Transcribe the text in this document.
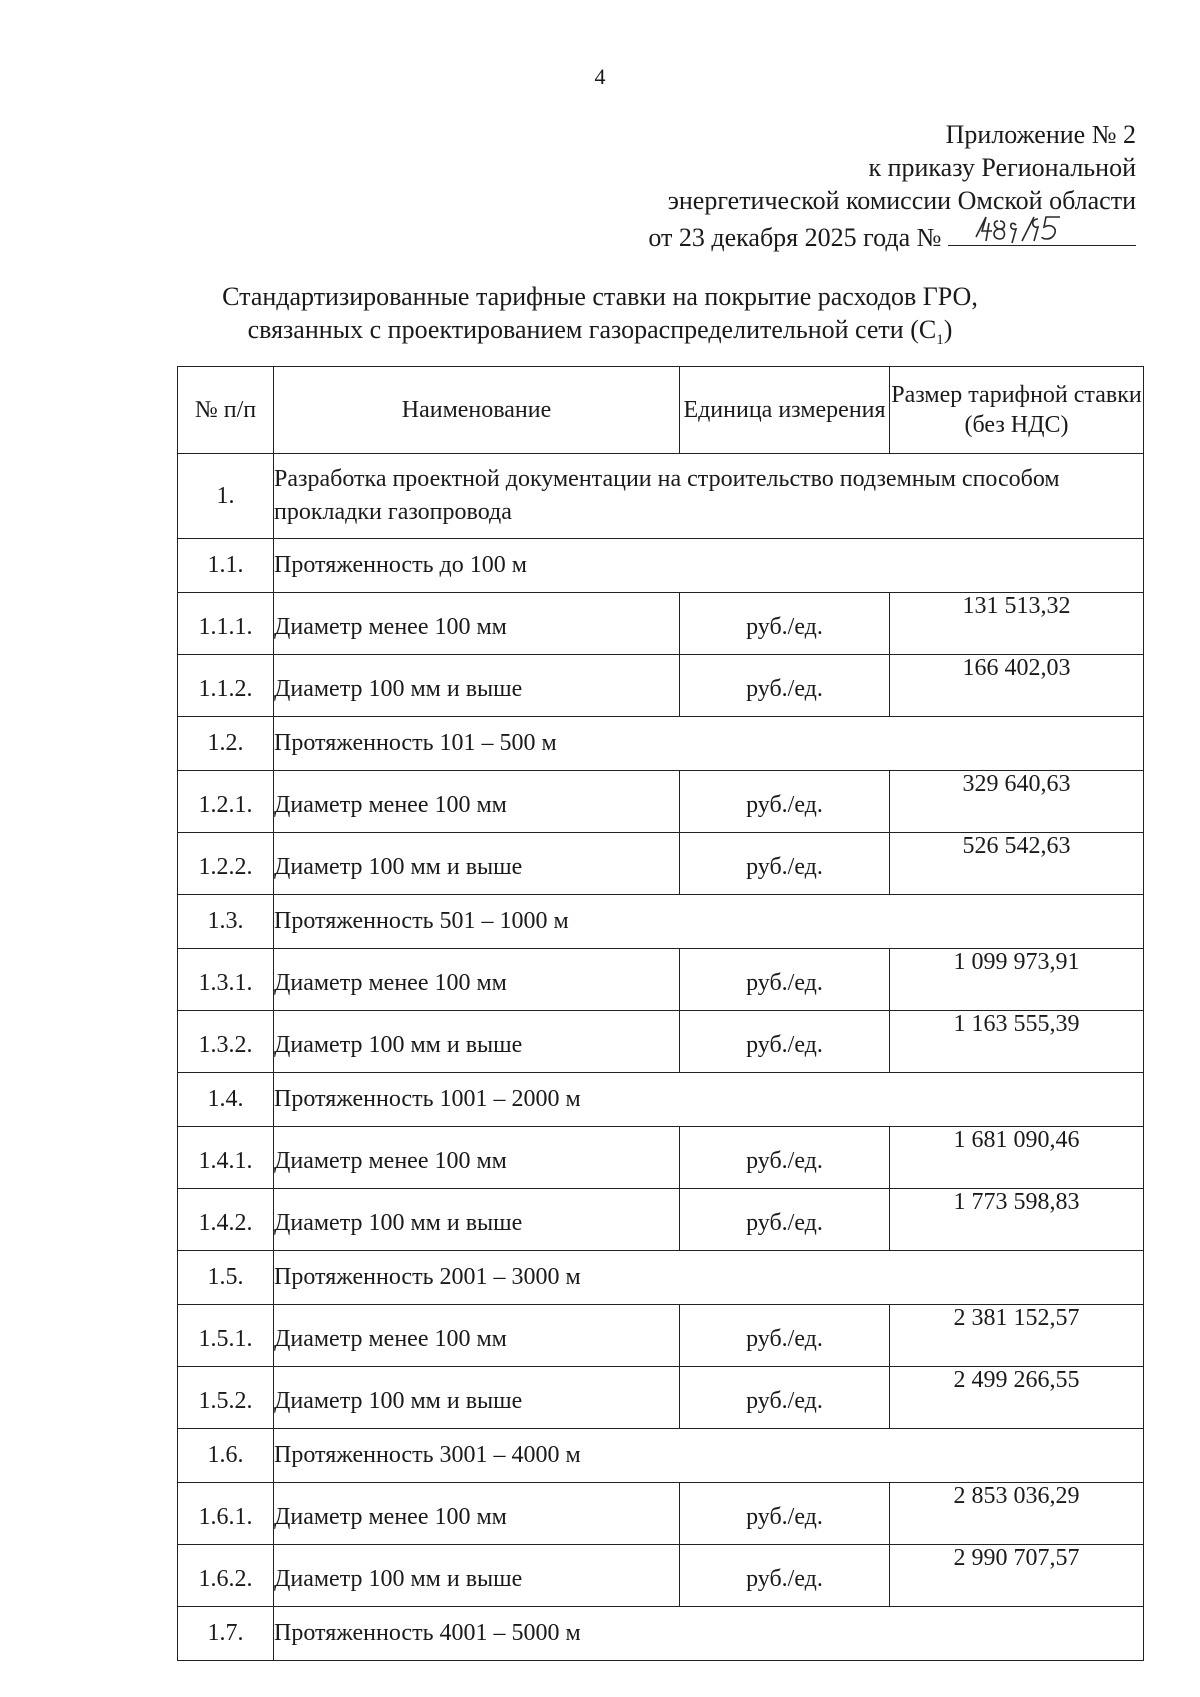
4
Приложение № 2
к приказу Региональной
энергетической комиссии Омской области
от 23 декабря 2025 года №
Стандартизированные тарифные ставки на покрытие расходов ГРО,
связанных с проектированием газораспределительной сети $(С_1)$
№ п/п	Наименование	Единица измерения	Размер тарифной ставки (без НДС)
1.	Разработка проектной документации на строительство подземным способом прокладки газопровода		
1.1.	Протяженность до 100 м		
1.1.1.	Диаметр менее 100 мм	руб./ед.	131 513,32
1.1.2.	Диаметр 100 мм и выше	руб./ед.	166 402,03
1.2.	Протяженность 101 – 500 м		
1.2.1.	Диаметр менее 100 мм	руб./ед.	329 640,63
1.2.2.	Диаметр 100 мм и выше	руб./ед.	526 542,63
1.3.	Протяженность 501 – 1000 м		
1.3.1.	Диаметр менее 100 мм	руб./ед.	1 099 973,91
1.3.2.	Диаметр 100 мм и выше	руб./ед.	1 163 555,39
1.4.	Протяженность 1001 – 2000 м		
1.4.1.	Диаметр менее 100 мм	руб./ед.	1 681 090,46
1.4.2.	Диаметр 100 мм и выше	руб./ед.	1 773 598,83
1.5.	Протяженность 2001 – 3000 м		
1.5.1.	Диаметр менее 100 мм	руб./ед.	2 381 152,57
1.5.2.	Диаметр 100 мм и выше	руб./ед.	2 499 266,55
1.6.	Протяженность 3001 – 4000 м		
1.6.1.	Диаметр менее 100 мм	руб./ед.	2 853 036,29
1.6.2.	Диаметр 100 мм и выше	руб./ед.	2 990 707,57
1.7.	Протяженность 4001 – 5000 м		
